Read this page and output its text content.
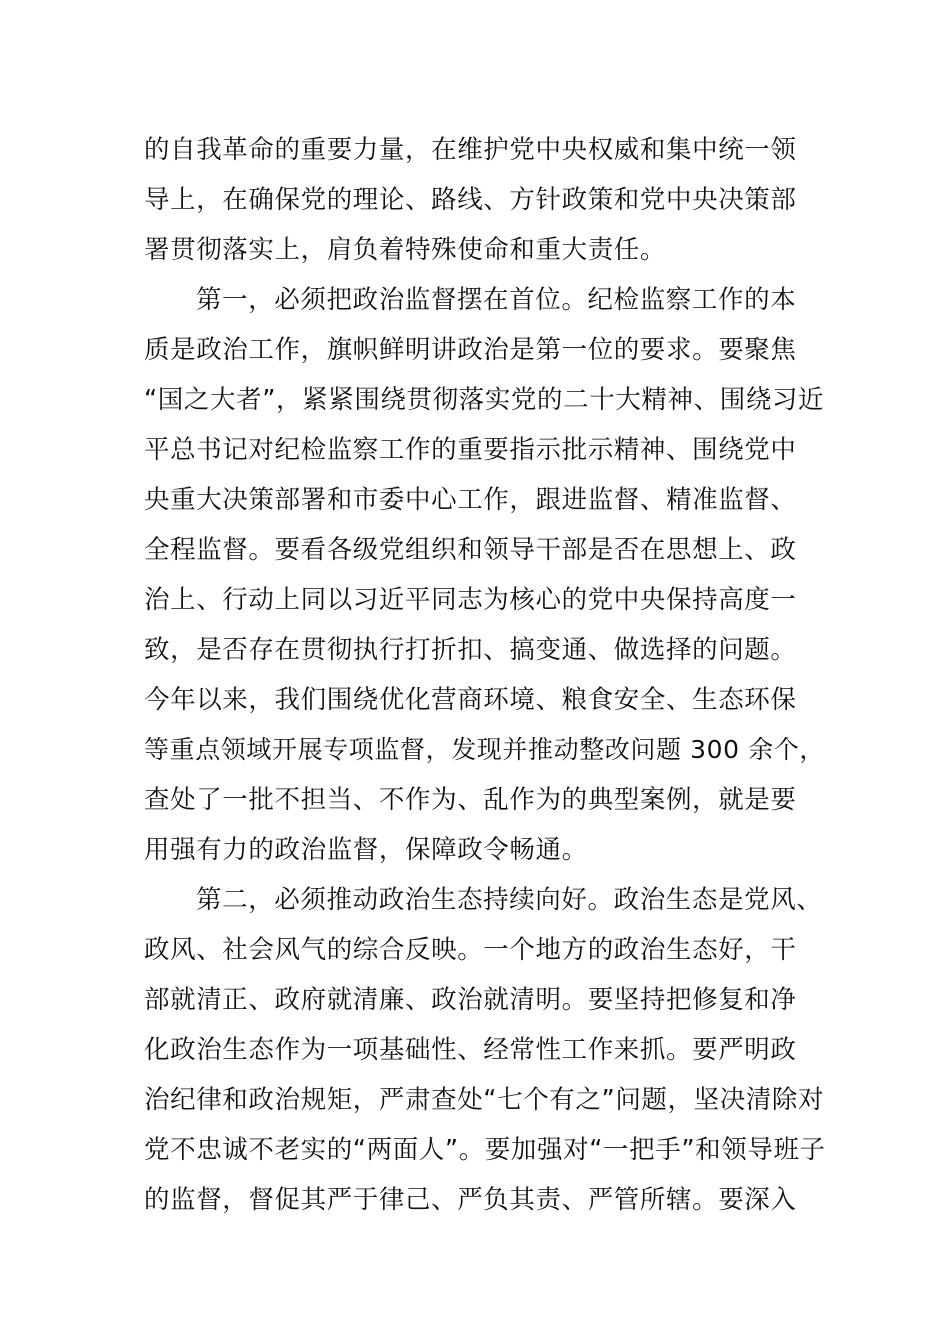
的自我革命的重要力量，在维护党中央权威和集中统一领
导上，在确保党的理论、路线、方针政策和党中央决策部
署贯彻落实上，肩负着特殊使命和重大责任。
第一，必须把政治监督摆在首位。纪检监察工作的本
质是政治工作，旗帜鲜明讲政治是第一位的要求。要聚焦
“国之大者”，紧紧围绕贯彻落实党的二十大精神、围绕习近
平总书记对纪检监察工作的重要指示批示精神、围绕党中
央重大决策部署和市委中心工作，跟进监督、精准监督、
全程监督。要看各级党组织和领导干部是否在思想上、政
治上、行动上同以习近平同志为核心的党中央保持高度一
致，是否存在贯彻执行打折扣、搞变通、做选择的问题。
今年以来，我们围绕优化营商环境、粮食安全、生态环保
等重点领域开展专项监督，发现并推动整改问题 300 余个，
查处了一批不担当、不作为、乱作为的典型案例，就是要
用强有力的政治监督，保障政令畅通。
第二，必须推动政治生态持续向好。政治生态是党风、
政风、社会风气的综合反映。一个地方的政治生态好，干
部就清正、政府就清廉、政治就清明。要坚持把修复和净
化政治生态作为一项基础性、经常性工作来抓。要严明政
治纪律和政治规矩，严肃查处“七个有之”问题，坚决清除对
党不忠诚不老实的“两面人”。要加强对“一把手”和领导班子
的监督，督促其严于律己、严负其责、严管所辖。要深入
